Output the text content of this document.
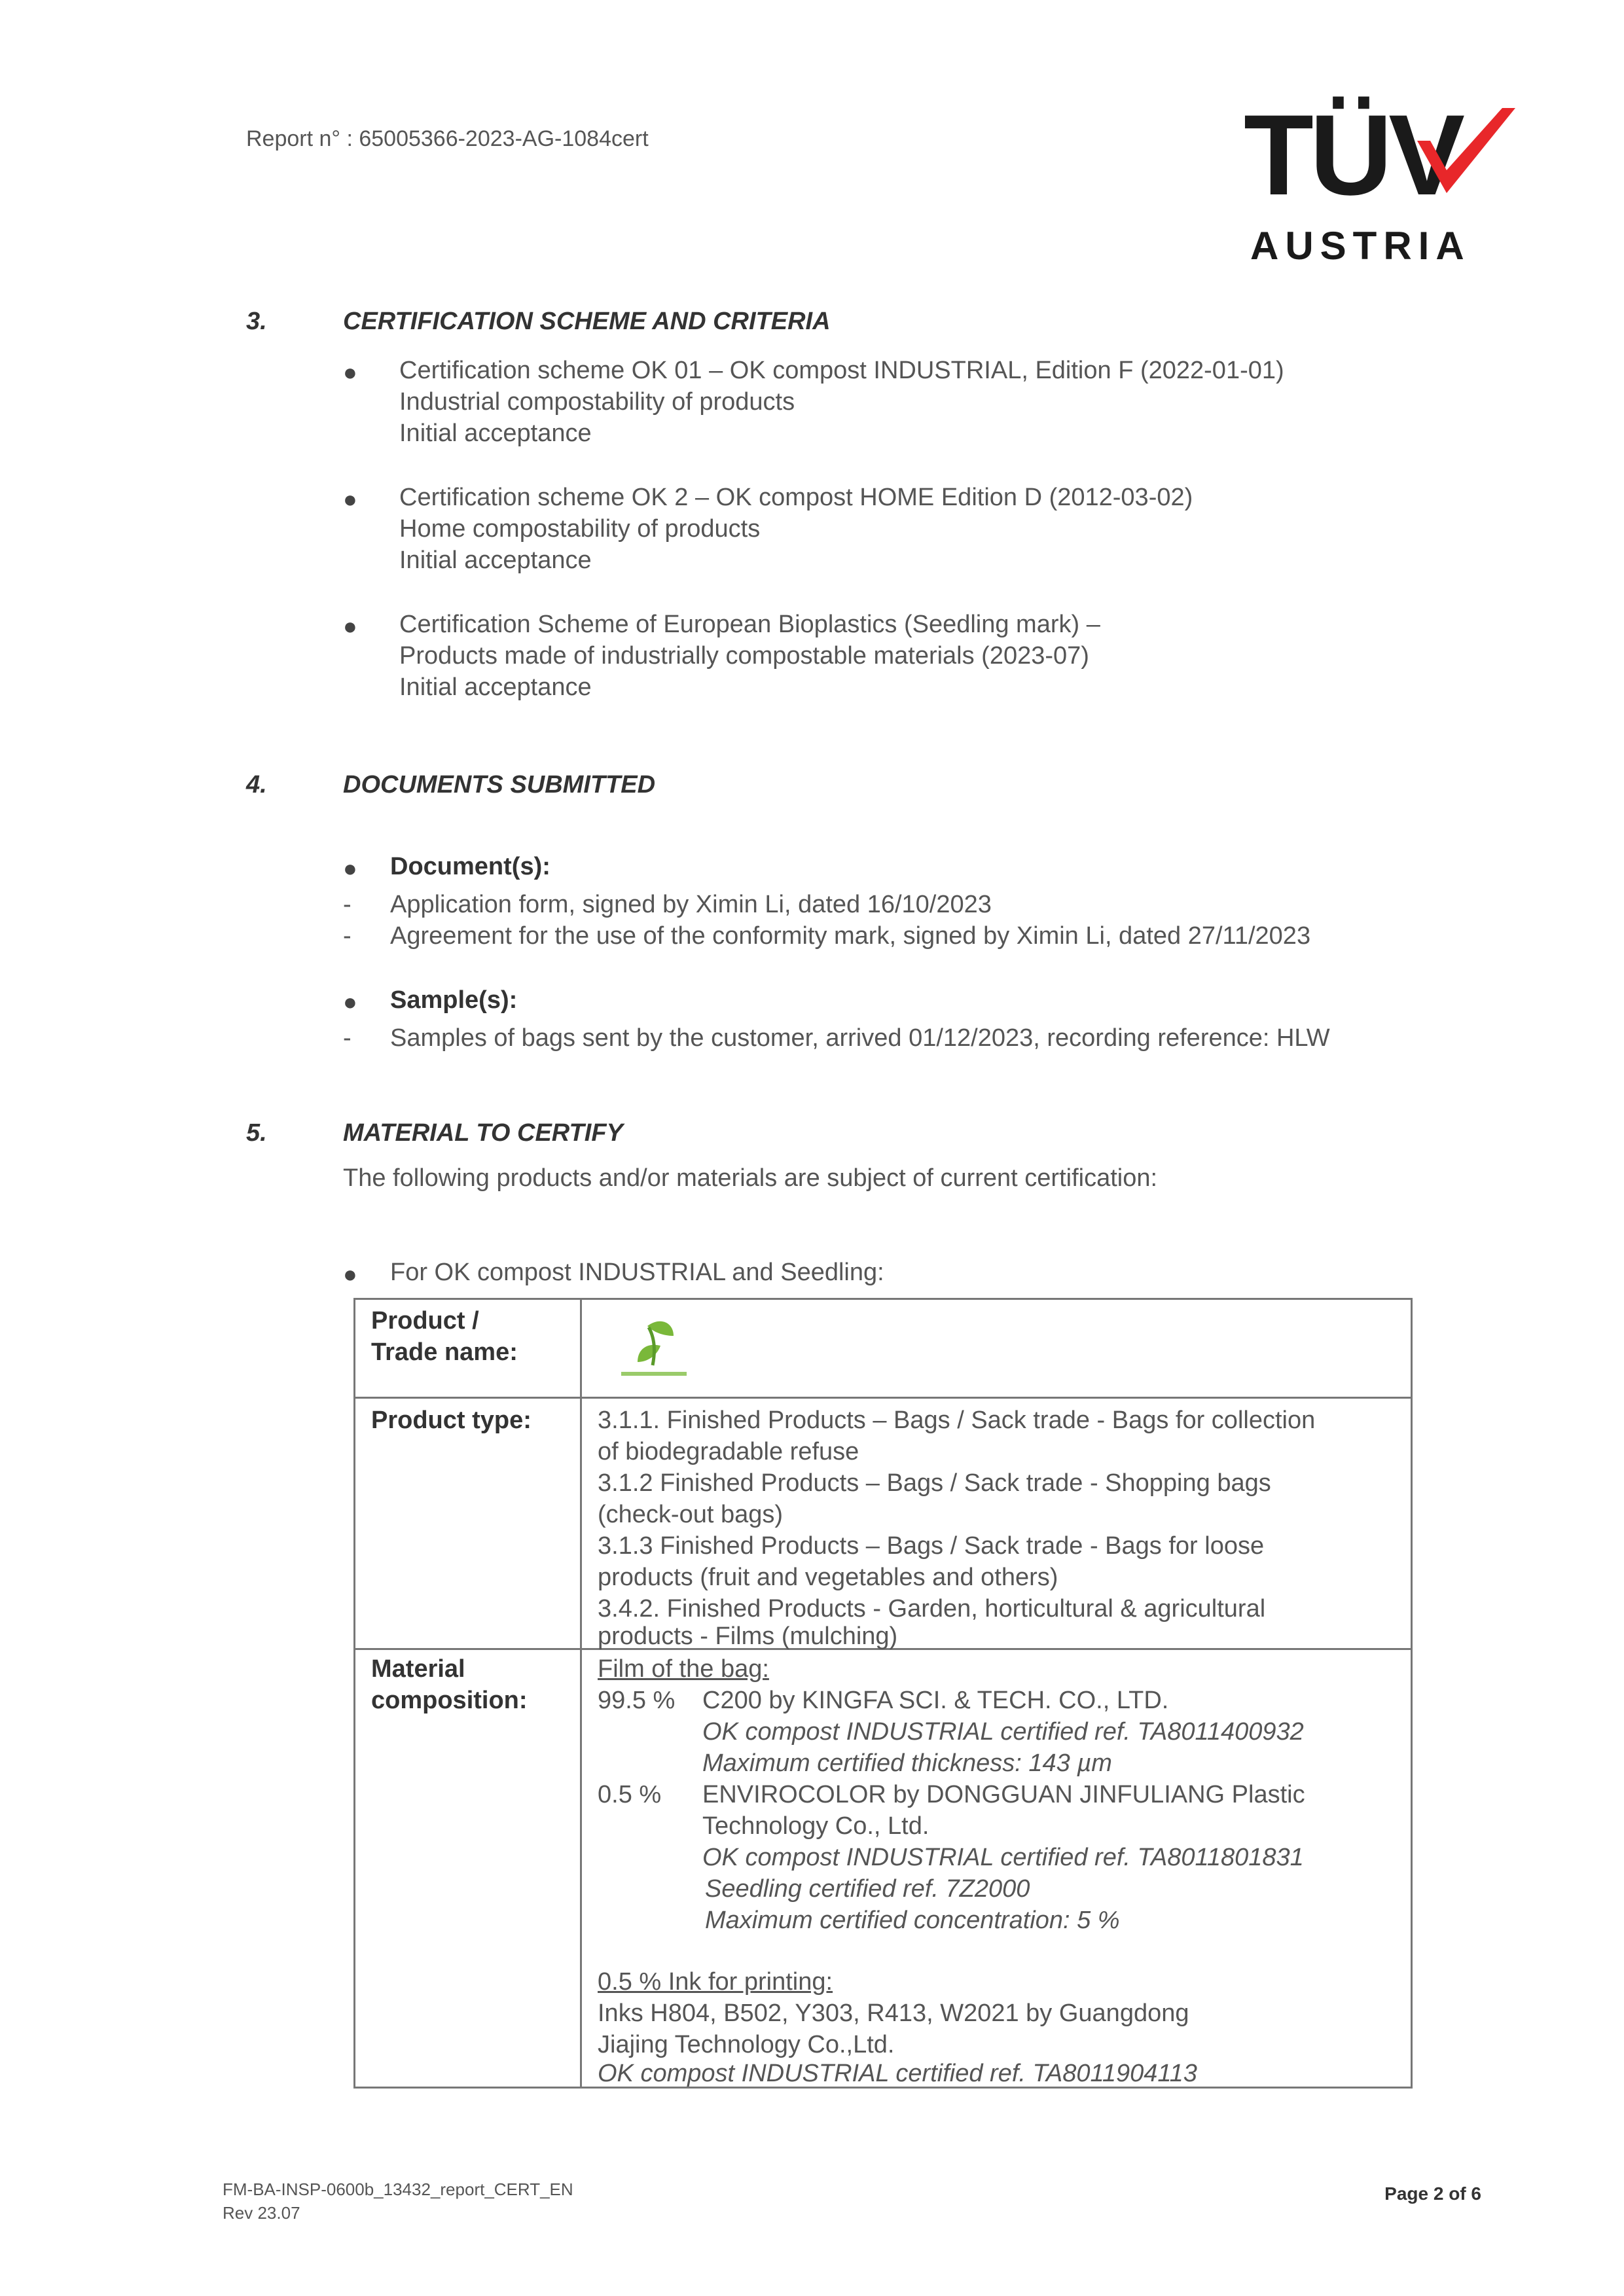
Report n° : 65005366-2023-AG-1084cert	TÜV
AUSTRIA
3.	CERTIFICATION SCHEME AND CRITERIA
● Certification scheme OK 01 – OK compost INDUSTRIAL, Edition F (2022-01-01)
Industrial compostability of products
Initial acceptance
● Certification scheme OK 2 – OK compost HOME Edition D (2012-03-02)
Home compostability of products
Initial acceptance
● Certification Scheme of European Bioplastics (Seedling mark) –
Products made of industrially compostable materials (2023-07)
Initial acceptance
4.	DOCUMENTS SUBMITTED
● Document(s):
- Application form, signed by Ximin Li, dated 16/10/2023
- Agreement for the use of the conformity mark, signed by Ximin Li, dated 27/11/2023
● Sample(s):
- Samples of bags sent by the customer, arrived 01/12/2023, recording reference: HLW
5.	MATERIAL TO CERTIFY
The following products and/or materials are subject of current certification:
● For OK compost INDUSTRIAL and Seedling:
Product /
Trade name:
Product type:	3.1.1. Finished Products – Bags / Sack trade - Bags for collection
of biodegradable refuse
3.1.2 Finished Products – Bags / Sack trade - Shopping bags
(check-out bags)
3.1.3 Finished Products – Bags / Sack trade - Bags for loose
products (fruit and vegetables and others)
3.4.2. Finished Products - Garden, horticultural & agricultural
products - Films (mulching)
Material
composition:
Film of the bag:
99.5 % C200 by KINGFA SCI. & TECH. CO., LTD.
OK compost INDUSTRIAL certified ref. TA8011400932
Maximum certified thickness: 143 µm
0.5 % ENVIROCOLOR by DONGGUAN JINFULIANG Plastic
Technology Co., Ltd.
OK compost INDUSTRIAL certified ref. TA8011801831
Seedling certified ref. 7Z2000
Maximum certified concentration: 5 %
0.5 % Ink for printing:
Inks H804, B502, Y303, R413, W2021 by Guangdong
Jiajing Technology Co.,Ltd.
OK compost INDUSTRIAL certified ref. TA8011904113
FM-BA-INSP-0600b_13432_report_CERT_EN
Rev 23.07
Page 2 of 6
